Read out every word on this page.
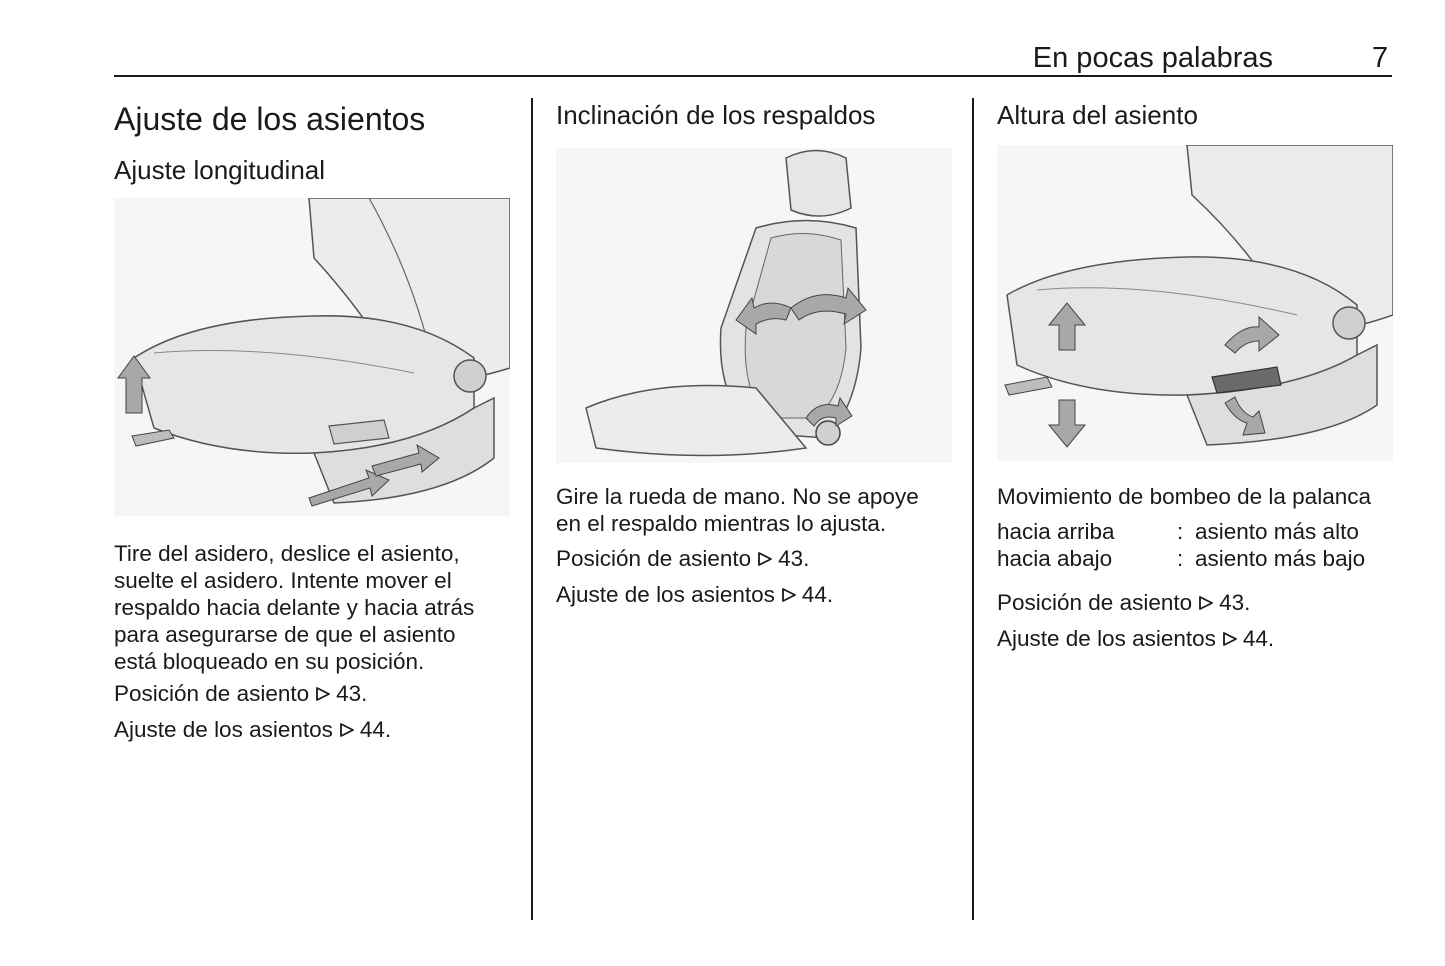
En pocas palabras	7
Ajuste de los asientos
Ajuste longitudinal

Tire del asidero, deslice el asiento,
suelte el asidero. Intente mover el
respaldo hacia delante y hacia atrás
para asegurarse de que el asiento
está bloqueado en su posición.

Posición de asiento 43.
Ajuste de los asientos 44.
Inclinación de los respaldos

Gire la rueda de mano. No se apoye
en el respaldo mientras lo ajusta.

Posición de asiento 43.
Ajuste de los asientos 44.
Altura del asiento

Movimiento de bombeo de la palanca

hacia arriba	: asiento más alto
hacia abajo	: asiento más bajo
Posición de asiento 43.
Ajuste de los asientos 44.
